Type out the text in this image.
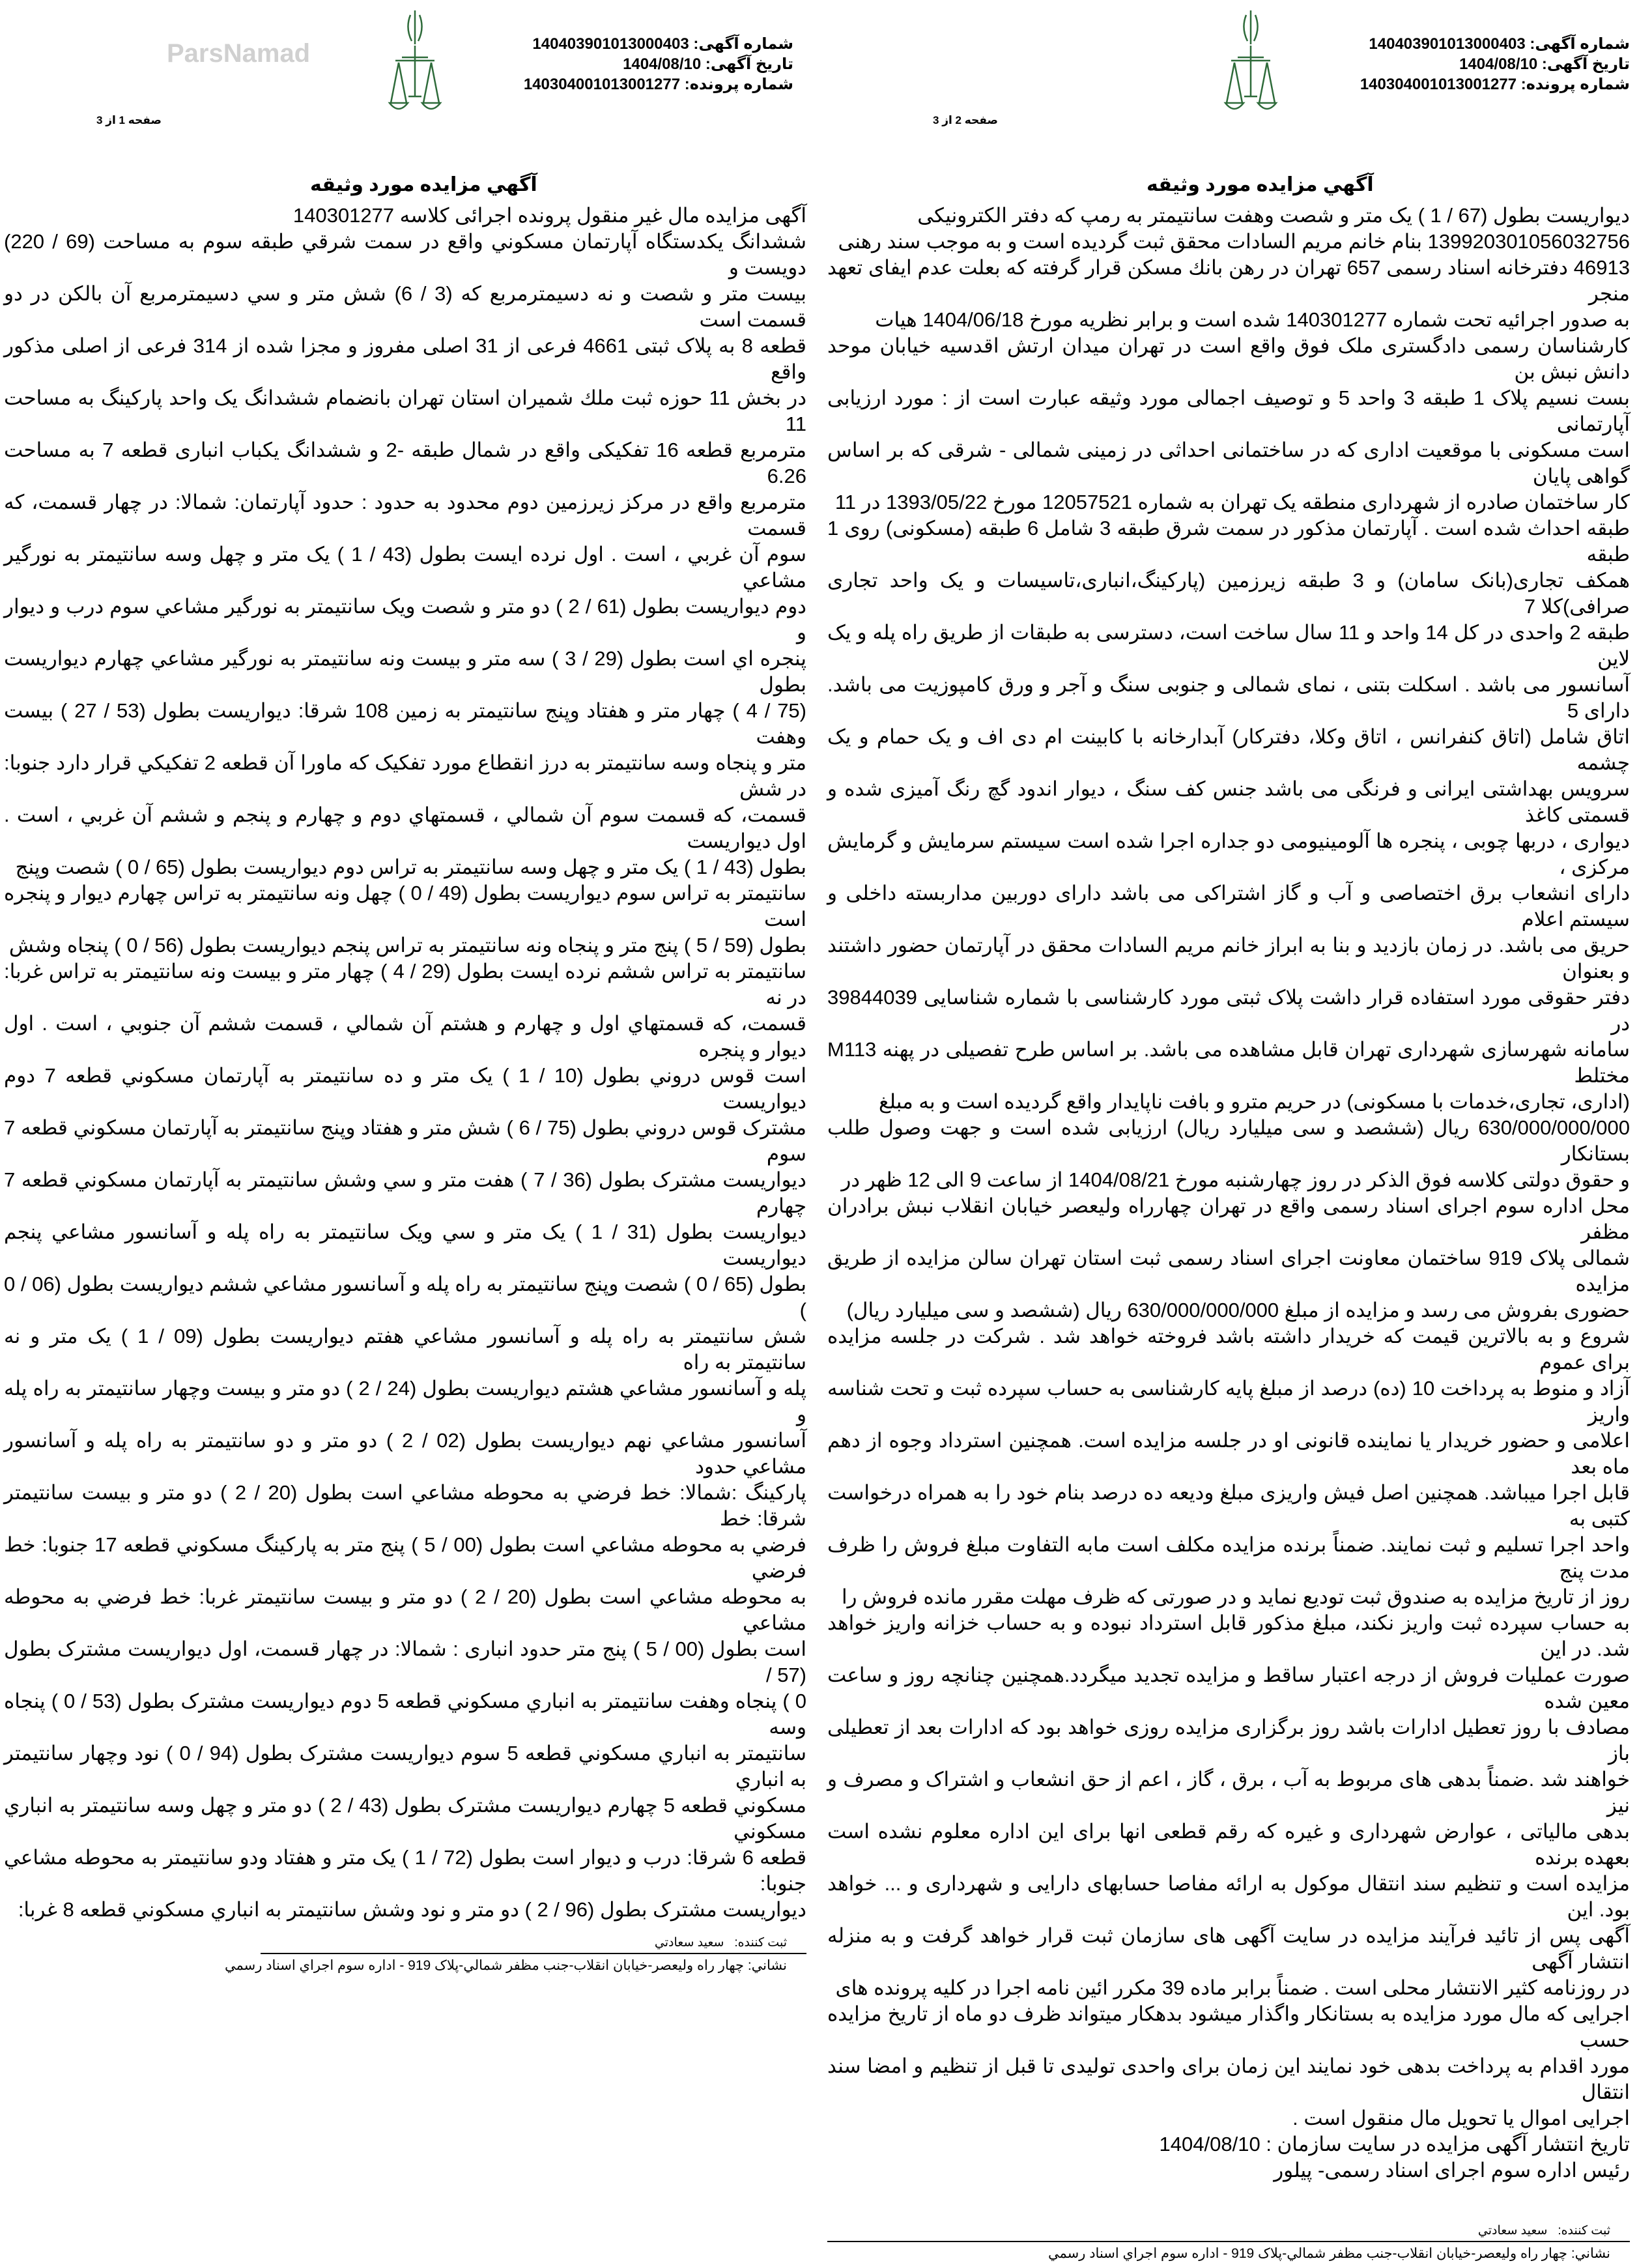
شماره آگهی: 140403901013000403
تاریخ آگهی: 1404/08/10
شماره پرونده: 140304001013001277
صفحه 1 از 3
ParsNamad
آگهي مزايده مورد وثيقه
آگهی مزایده مال غیر منقول پرونده اجرائی کلاسه 140301277
ششدانگ یکدستگاه آپارتمان مسکوني واقع در سمت شرقي طبقه سوم به مساحت (69 / 220) دویست و
بیست متر و شصت و نه دسیمترمربع که (3 / 6) شش متر و سي دسیمترمربع آن بالکن در دو قسمت است
قطعه 8 به پلاک ثبتی 4661 فرعی از 31 اصلی مفروز و مجزا شده از 314 فرعی از اصلی مذکور واقع
در بخش 11 حوزه ثبت ملك شمیران استان تهران بانضمام ششدانگ یک واحد پارکینگ به مساحت 11
مترمربع قطعه 16 تفکیکی واقع در شمال طبقه -2 و ششدانگ یکباب انباری قطعه 7 به مساحت 6.26
مترمربع واقع در مرکز زیرزمین دوم محدود به حدود : حدود آپارتمان: شمالا: در چهار قسمت، که قسمت
سوم آن غربي ، است . اول نرده ایست بطول (43 / 1 ) یک متر و چهل وسه سانتیمتر به نورگیر مشاعي
دوم دیواریست بطول (61 / 2 ) دو متر و شصت ویک سانتیمتر به نورگیر مشاعي سوم درب و دیوار و
پنجره اي است بطول (29 / 3 ) سه متر و بیست ونه سانتیمتر به نورگیر مشاعي چهارم دیواریست بطول
(75 / 4 ) چهار متر و هفتاد وپنج سانتیمتر به زمین 108 شرقا: دیواریست بطول (53 / 27 ) بیست وهفت
متر و پنجاه وسه سانتیمتر به درز انقطاع مورد تفکیک که ماورا آن قطعه 2 تفکیکي قرار دارد جنوبا: در شش
قسمت، که قسمت سوم آن شمالي ، قسمتهاي دوم و چهارم و پنجم و ششم آن غربي ، است . اول دیواریست
بطول (43 / 1 ) یک متر و چهل وسه سانتیمتر به تراس دوم دیواریست بطول (65 / 0 ) شصت وپنج
سانتیمتر به تراس سوم دیواریست بطول (49 / 0 ) چهل ونه سانتیمتر به تراس چهارم دیوار و پنجره است
بطول (59 / 5 ) پنج متر و پنجاه ونه سانتیمتر به تراس پنجم دیواریست بطول (56 / 0 ) پنجاه وشش
سانتیمتر به تراس ششم نرده ایست بطول (29 / 4 ) چهار متر و بیست ونه سانتیمتر به تراس غربا: در نه
قسمت، که قسمتهاي اول و چهارم و هشتم آن شمالي ، قسمت ششم آن جنوبي ، است . اول دیوار و پنجره
است قوس دروني بطول (10 / 1 ) یک متر و ده سانتیمتر به آپارتمان مسکوني قطعه 7 دوم دیواریست
مشترک قوس دروني بطول (75 / 6 ) شش متر و هفتاد وپنج سانتیمتر به آپارتمان مسکوني قطعه 7 سوم
دیواریست مشترک بطول (36 / 7 ) هفت متر و سي وشش سانتیمتر به آپارتمان مسکوني قطعه 7 چهارم
دیواریست بطول (31 / 1 ) یک متر و سي ویک سانتیمتر به راه پله و آسانسور مشاعي پنجم دیواریست
بطول (65 / 0 ) شصت وپنج سانتیمتر به راه پله و آسانسور مشاعي ششم دیواریست بطول (06 / 0 )
شش سانتیمتر به راه پله و آسانسور مشاعي هفتم دیواریست بطول (09 / 1 ) یک متر و نه سانتیمتر به راه
پله و آسانسور مشاعي هشتم دیواریست بطول (24 / 2 ) دو متر و بیست وچهار سانتیمتر به راه پله و
آسانسور مشاعي نهم دیواریست بطول (02 / 2 ) دو متر و دو سانتیمتر به راه پله و آسانسور مشاعي حدود
پارکینگ :شمالا: خط فرضي به محوطه مشاعي است بطول (20 / 2 ) دو متر و بیست سانتیمتر شرقا: خط
فرضي به محوطه مشاعي است بطول (00 / 5 ) پنج متر به پارکینگ مسکوني قطعه 17 جنوبا: خط فرضي
به محوطه مشاعي است بطول (20 / 2 ) دو متر و بیست سانتیمتر غربا: خط فرضي به محوطه مشاعي
است بطول (00 / 5 ) پنج متر حدود انباری : شمالا: در چهار قسمت، اول دیواریست مشترک بطول (57 /
0 ) پنجاه وهفت سانتیمتر به انباري مسکوني قطعه 5 دوم دیواریست مشترک بطول (53 / 0 ) پنجاه وسه
سانتیمتر به انباري مسکوني قطعه 5 سوم دیواریست مشترک بطول (94 / 0 ) نود وچهار سانتیمتر به انباري
مسکوني قطعه 5 چهارم دیواریست مشترک بطول (43 / 2 ) دو متر و چهل وسه سانتیمتر به انباري مسکوني
قطعه 6 شرقا: درب و دیوار است بطول (72 / 1 ) یک متر و هفتاد ودو سانتیمتر به محوطه مشاعي جنوبا:
دیواریست مشترک بطول (96 / 2 ) دو متر و نود وشش سانتیمتر به انباري مسکوني قطعه 8 غربا:
ثبت کننده:   سعید سعادتي
نشاني: چهار راه ولیعصر-خیابان انقلاب-جنب مظفر شمالي-پلاک 919 - اداره سوم اجراي اسناد رسمي
شماره آگهی: 140403901013000403
تاریخ آگهی: 1404/08/10
شماره پرونده: 140304001013001277
صفحه 2 از 3
آگهي مزايده مورد وثيقه
دیواریست بطول (67 / 1 ) یک متر و شصت وهفت سانتیمتر به رمپ که دفتر الکترونیکی
13992030105603275​6 بنام خانم مریم السادات محقق ثبت گردیده است و به موجب سند رهنی
46913 دفترخانه اسناد رسمی 657 تهران در رهن بانك مسکن قرار گرفته که بعلت عدم ایفای تعهد منجر
به صدور اجرائیه تحت شماره 140301277 شده است و برابر نظریه مورخ 1404/06/18 هیات
کارشناسان رسمی دادگستری ملک فوق واقع است در تهران میدان ارتش اقدسیه خیابان موحد دانش نبش بن
بست نسیم پلاک 1 طبقه 3 واحد 5 و توصیف اجمالی مورد وثیقه عبارت است از : مورد ارزیابی آپارتمانی
است مسکونی با موقعیت اداری که در ساختمانی احداثی در زمینی شمالی - شرقی که بر اساس گواهی پایان
کار ساختمان صادره از شهرداری منطقه یک تهران به شماره 12057521 مورخ 1393/05/22 در 11
طبقه احداث شده است . آپارتمان مذکور در سمت شرق طبقه 3 شامل 6 طبقه (مسکونی) روی 1 طبقه
همکف تجاری(بانک سامان) و 3 طبقه زیرزمین (پارکینگ،انباری،تاسیسات و یک واحد تجاری صرافی)کلا 7
طبقه 2 واحدی در کل 14 واحد و 11 سال ساخت است، دسترسی به طبقات از طریق راه پله و یک لاین
آسانسور می باشد . اسکلت بتنی ، نمای شمالی و جنوبی سنگ و آجر و ورق کامپوزیت می باشد. دارای 5
اتاق شامل (اتاق کنفرانس ، اتاق وکلا، دفترکار) آبدارخانه با کابینت ام دی اف و یک حمام و یک چشمه
سرویس بهداشتی ایرانی و فرنگی می باشد جنس کف سنگ ، دیوار اندود گچ رنگ آمیزی شده و قسمتی کاغذ
دیواری ، دربها چوبی ، پنجره ها آلومینیومی دو جداره اجرا شده است سیستم سرمایش و گرمایش مرکزی ،
دارای انشعاب برق اختصاصی و آب و گاز اشتراکی می باشد دارای دوربین مداربسته داخلی و سیستم اعلام
حریق می باشد. در زمان بازدید و بنا به ابراز خانم مریم السادات محقق در آپارتمان حضور داشتند و بعنوان
دفتر حقوقی مورد استفاده قرار داشت پلاک ثبتی مورد کارشناسی با شماره شناسایی 39844039 در
سامانه شهرسازی شهرداری تهران قابل مشاهده می باشد. بر اساس طرح تفصیلی در پهنه M113 مختلط
(اداری، تجاری،خدمات با مسکونی) در حریم مترو و بافت ناپایدار واقع گردیده است و به مبلغ
630/000/000/000 ریال (ششصد و سی میلیارد ریال) ارزیابی شده است و جهت وصول طلب بستانکار
و حقوق دولتی کلاسه فوق الذکر در روز چهارشنبه مورخ 1404/08/21 از ساعت 9 الی 12 ظهر در
محل اداره سوم اجرای اسناد رسمی واقع در تهران چهارراه ولیعصر خیابان انقلاب نبش برادران مظفر
شمالی پلاک 919 ساختمان معاونت اجرای اسناد رسمی ثبت استان تهران سالن مزایده از طریق مزایده
حضوری بفروش می رسد و مزایده از مبلغ 630/000/000/000 ریال (ششصد و سی میلیارد ریال)
شروع و به بالاترین قیمت که خریدار داشته باشد فروخته خواهد شد . شرکت در جلسه مزایده برای عموم
آزاد و منوط به پرداخت 10 (ده) درصد از مبلغ پایه کارشناسی به حساب سپرده ثبت و تحت شناسه واریز
اعلامی و حضور خریدار یا نماینده قانونی او در جلسه مزایده است. همچنین استرداد وجوه از دهم ماه بعد
قابل اجرا میباشد. همچنین اصل فیش واریزی مبلغ ودیعه ده درصد بنام خود را به همراه درخواست کتبی به
واحد اجرا تسلیم و ثبت نمایند. ضمناً برنده مزایده مکلف است مابه التفاوت مبلغ فروش را ظرف مدت پنج
روز از تاریخ مزایده به صندوق ثبت تودیع نماید و در صورتی که ظرف مهلت مقرر مانده فروش را
به حساب سپرده ثبت واریز نکند، مبلغ مذکور قابل استرداد نبوده و به حساب خزانه واریز خواهد شد. در این
صورت عملیات فروش از درجه اعتبار ساقط و مزایده تجدید میگردد.همچنین چنانچه روز و ساعت معین شده
مصادف با روز تعطیل ادارات باشد روز برگزاری مزایده روزی خواهد بود که ادارات بعد از تعطیلی باز
خواهند شد .ضمناً بدهی های مربوط به آب ، برق ، گاز ، اعم از حق انشعاب و اشتراک و مصرف و نیز
بدهی مالیاتی ، عوارض شهرداری و غیره که رقم قطعی انها برای این اداره معلوم نشده است بعهده برنده
مزایده است و تنظیم سند انتقال موکول به ارائه مفاصا حسابهای دارایی و شهرداری و ... خواهد بود. این
آگهی پس از تائید فرآیند مزایده در سایت آگهی های سازمان ثبت قرار خواهد گرفت و به منزله انتشار آگهی
در روزنامه کثیر الانتشار محلی است . ضمناً برابر ماده 39 مکرر ائین نامه اجرا در کلیه پرونده های
اجرایی که مال مورد مزایده به بستانکار واگذار میشود بدهکار میتواند ظرف دو ماه از تاریخ مزایده حسب
مورد اقدام به پرداخت بدهی خود نمایند این زمان برای واحدی تولیدی تا قبل از تنظیم و امضا سند انتقال
اجرایی اموال یا تحویل مال منقول است .
تاریخ انتشار آگهی مزایده در سایت سازمان : 1404/08/10
رئیس اداره سوم اجرای اسناد رسمی- پیلور
ثبت کننده:   سعید سعادتي
نشاني: چهار راه ولیعصر-خیابان انقلاب-جنب مظفر شمالي-پلاک 919 - اداره سوم اجراي اسناد رسمي
